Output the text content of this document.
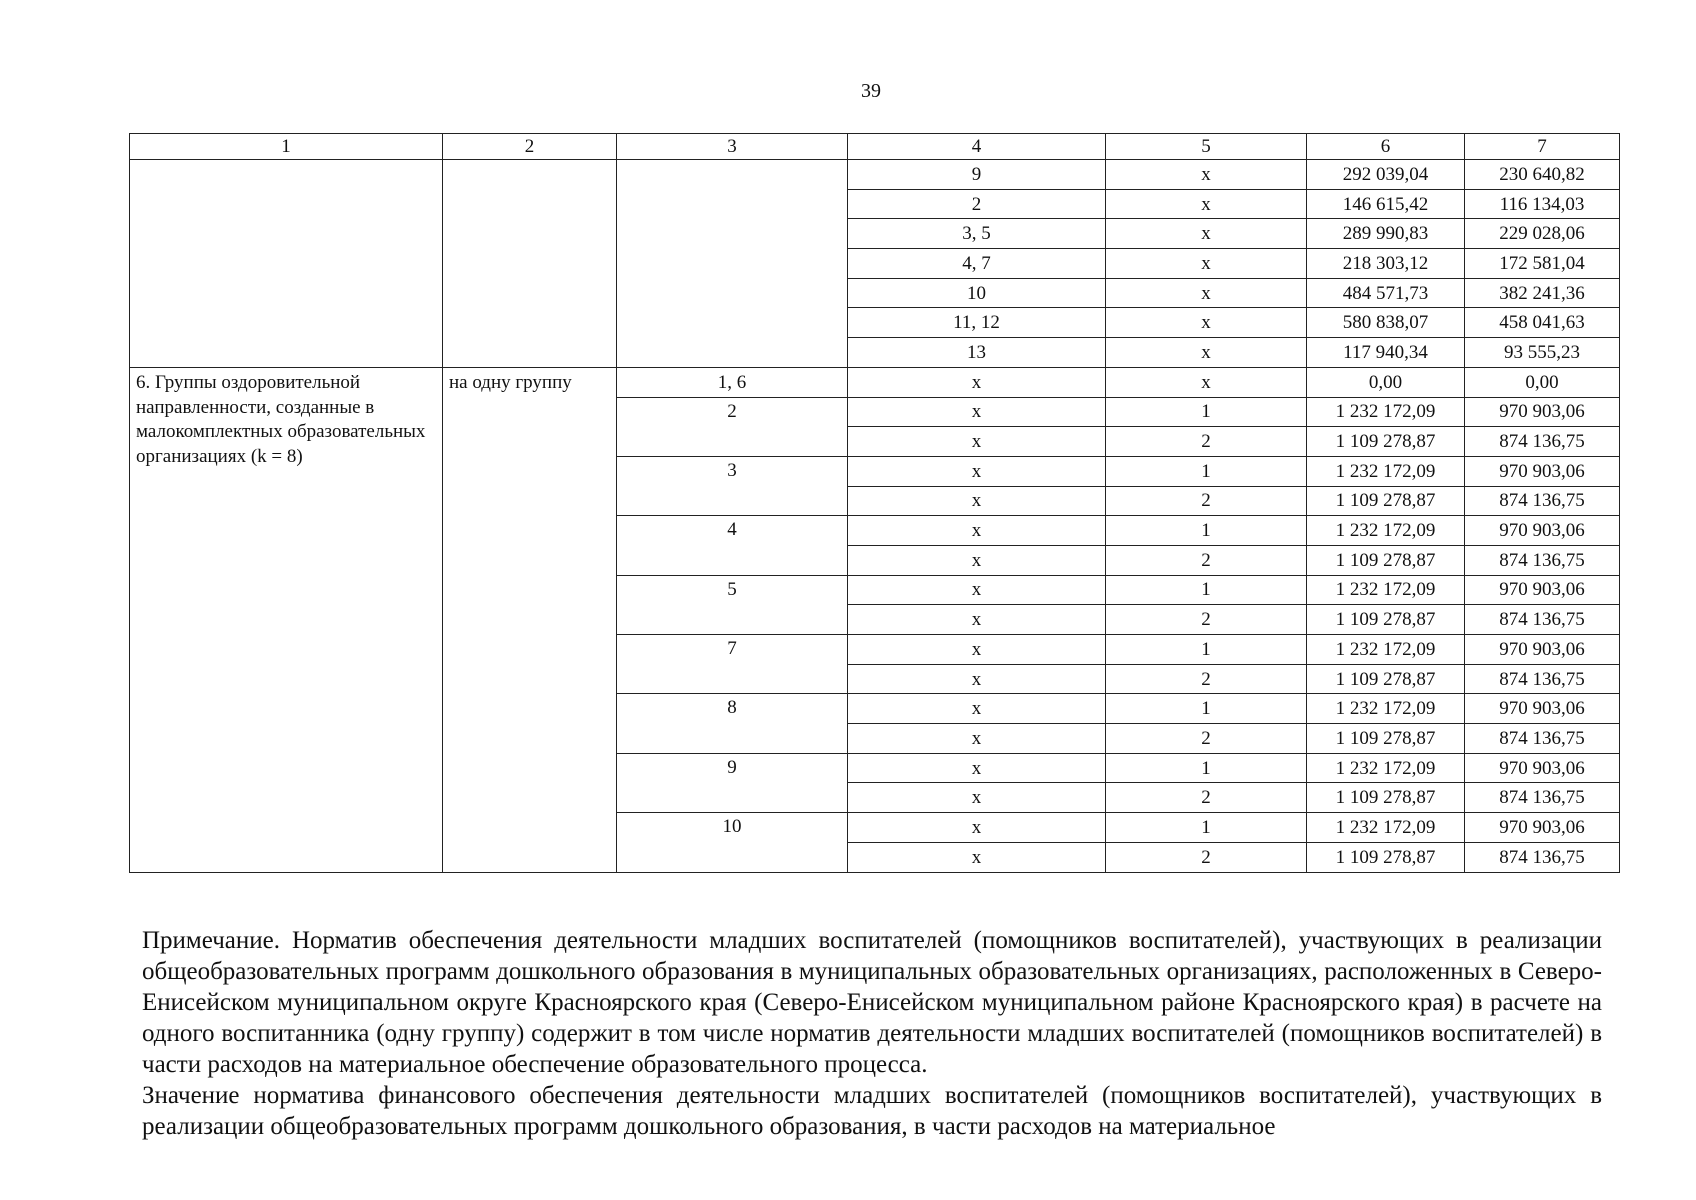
39
1	2	3	4	5	6	7
			9	x	292 039,04	230 640,82
			2	x	146 615,42	116 134,03
			3, 5	x	289 990,83	229 028,06
			4, 7	x	218 303,12	172 581,04
			10	x	484 571,73	382 241,36
			11, 12	x	580 838,07	458 041,63
			13	x	117 940,34	93 555,23
6. Группы оздоровительной направленности, созданные в малокомплектных образовательных организациях (k = 8)	на одну группу	1, 6	x	x	0,00	0,00
		2	x	1	1 232 172,09	970 903,06
			x	2	1 109 278,87	874 136,75
		3	x	1	1 232 172,09	970 903,06
			x	2	1 109 278,87	874 136,75
		4	x	1	1 232 172,09	970 903,06
			x	2	1 109 278,87	874 136,75
		5	x	1	1 232 172,09	970 903,06
			x	2	1 109 278,87	874 136,75
		7	x	1	1 232 172,09	970 903,06
			x	2	1 109 278,87	874 136,75
		8	x	1	1 232 172,09	970 903,06
			x	2	1 109 278,87	874 136,75
		9	x	1	1 232 172,09	970 903,06
			x	2	1 109 278,87	874 136,75
		10	x	1	1 232 172,09	970 903,06
			x	2	1 109 278,87	874 136,75

Примечание. Норматив обеспечения деятельности младших воспитателей (помощников воспитателей), участвующих в реализации общеобразовательных программ дошкольного образования в муниципальных образовательных организациях, расположенных в Северо-Енисейском муниципальном округе Красноярского края (Северо-Енисейском муниципальном районе Красноярского края) в расчете на одного воспитанника (одну группу) содержит в том числе норматив деятельности младших воспитателей (помощников воспитателей) в части расходов на материальное обеспечение образовательного процесса.

Значение норматива финансового обеспечения деятельности младших воспитателей (помощников воспитателей), участвующих в реализации общеобразовательных программ дошкольного образования, в части расходов на материальное
